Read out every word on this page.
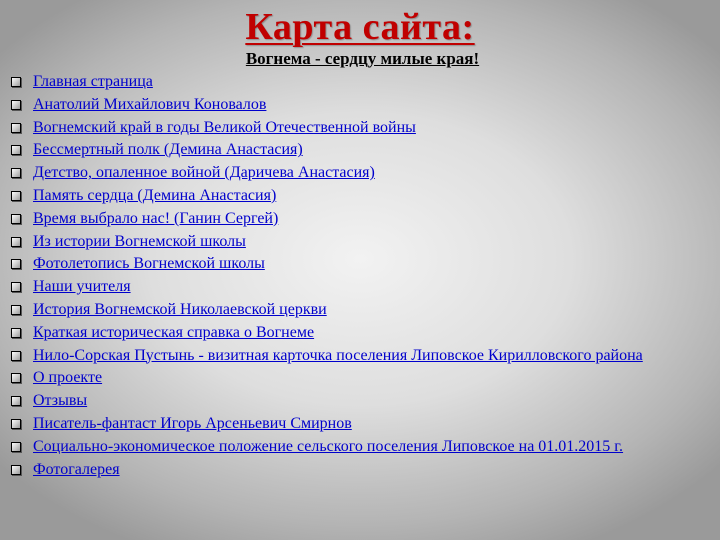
Карта сайта:
Вогнема - сердцу милые края!
Главная страница
Анатолий Михайлович Коновалов
Вогнемский край в годы Великой Отечественной войны
Бессмертный полк (Демина Анастасия)
Детство, опаленное войной (Даричева Анастасия)
Память сердца (Демина Анастасия)
Время выбрало нас! (Ганин Сергей)
Из истории Вогнемской школы
Фотолетопись Вогнемской школы
Наши учителя
История Вогнемской Николаевской церкви
Краткая историческая справка о Вогнеме
Нило-Сорская Пустынь - визитная карточка поселения Липовское Кирилловского района
О проекте
Отзывы
Писатель-фантаст Игорь Арсеньевич Смирнов
Социально-экономическое положение сельского поселения Липовское на 01.01.2015 г.
Фотогалерея
